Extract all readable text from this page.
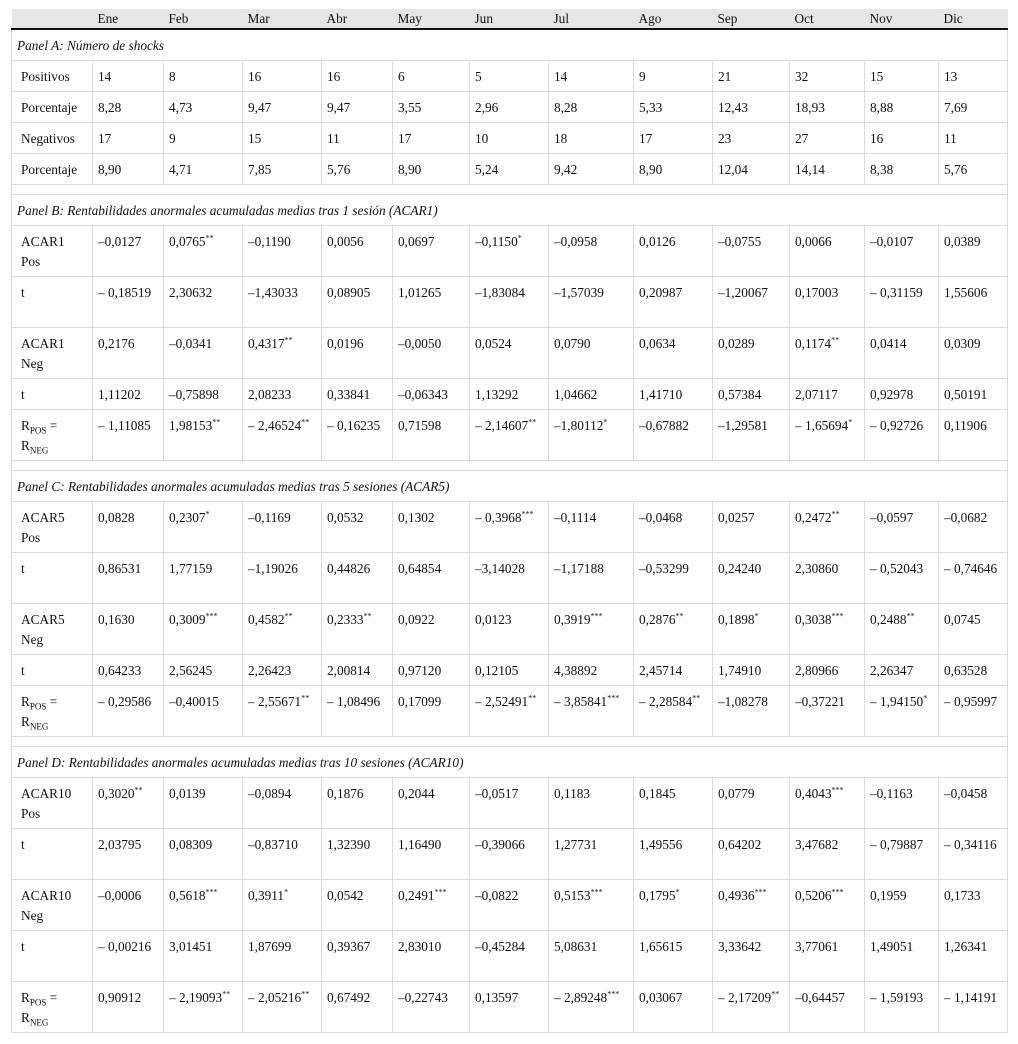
	Ene	Feb	Mar	Abr	May	Jun	Jul	Ago	Sep	Oct	Nov	Dic
Panel A: Número de shocks												
Positivos	14	8	16	16	6	5	14	9	21	32	15	13
Porcentaje	8,28	4,73	9,47	9,47	3,55	2,96	8,28	5,33	12,43	18,93	8,88	7,69
Negativos	17	9	15	11	17	10	18	17	23	27	16	11
Porcentaje	8,90	4,71	7,85	5,76	8,90	5,24	9,42	8,90	12,04	14,14	8,38	5,76

Panel B: Rentabilidades anormales acumuladas medias tras 1 sesión (ACAR1)												
ACAR1 Pos	–0,0127	0,0765**	–0,1190	0,0056	0,0697	–0,1150*	–0,0958	0,0126	–0,0755	0,0066	–0,0107	0,0389
t	– 0,18519	2,30632	–1,43033	0,08905	1,01265	–1,83084	–1,57039	0,20987	–1,20067	0,17003	– 0,31159	1,55606
ACAR1 Neg	0,2176	–0,0341	0,4317**	0,0196	–0,0050	0,0524	0,0790	0,0634	0,0289	0,1174**	0,0414	0,0309
t	1,11202	–0,75898	2,08233	0,33841	–0,06343	1,13292	1,04662	1,41710	0,57384	2,07117	0,92978	0,50191
$R_{POS} = R_{NEG}$	– 1,11085	1,98153**	– 2,46524**	– 0,16235	0,71598	– 2,14607**	–1,80112*	–0,67882	–1,29581	– 1,65694*	– 0,92726	0,11906

Panel C: Rentabilidades anormales acumuladas medias tras 5 sesiones (ACAR5)												
ACAR5 Pos	0,0828	0,2307*	–0,1169	0,0532	0,1302	– 0,3968***	–0,1114	–0,0468	0,0257	0,2472**	–0,0597	–0,0682
t	0,86531	1,77159	–1,19026	0,44826	0,64854	–3,14028	–1,17188	–0,53299	0,24240	2,30860	– 0,52043	– 0,74646
ACAR5 Neg	0,1630	0,3009***	0,4582**	0,2333**	0,0922	0,0123	0,3919***	0,2876**	0,1898*	0,3038***	0,2488**	0,0745
t	0,64233	2,56245	2,26423	2,00814	0,97120	0,12105	4,38892	2,45714	1,74910	2,80966	2,26347	0,63528
$R_{POS} = R_{NEG}$	– 0,29586	–0,40015	– 2,55671**	– 1,08496	0,17099	– 2,52491**	– 3,85841***	– 2,28584**	–1,08278	–0,37221	– 1,94150*	– 0,95997

Panel D: Rentabilidades anormales acumuladas medias tras 10 sesiones (ACAR10)												
ACAR10 Pos	0,3020**	0,0139	–0,0894	0,1876	0,2044	–0,0517	0,1183	0,1845	0,0779	0,4043***	–0,1163	–0,0458
t	2,03795	0,08309	–0,83710	1,32390	1,16490	–0,39066	1,27731	1,49556	0,64202	3,47682	– 0,79887	– 0,34116
ACAR10 Neg	–0,0006	0,5618***	0,3911*	0,0542	0,2491***	–0,0822	0,5153***	0,1795*	0,4936***	0,5206***	0,1959	0,1733
t	– 0,00216	3,01451	1,87699	0,39367	2,83010	–0,45284	5,08631	1,65615	3,33642	3,77061	1,49051	1,26341
$R_{POS} = R_{NEG}$	0,90912	– 2,19093**	– 2,05216**	0,67492	–0,22743	0,13597	– 2,89248***	0,03067	– 2,17209**	–0,64457	– 1,59193	– 1,14191
